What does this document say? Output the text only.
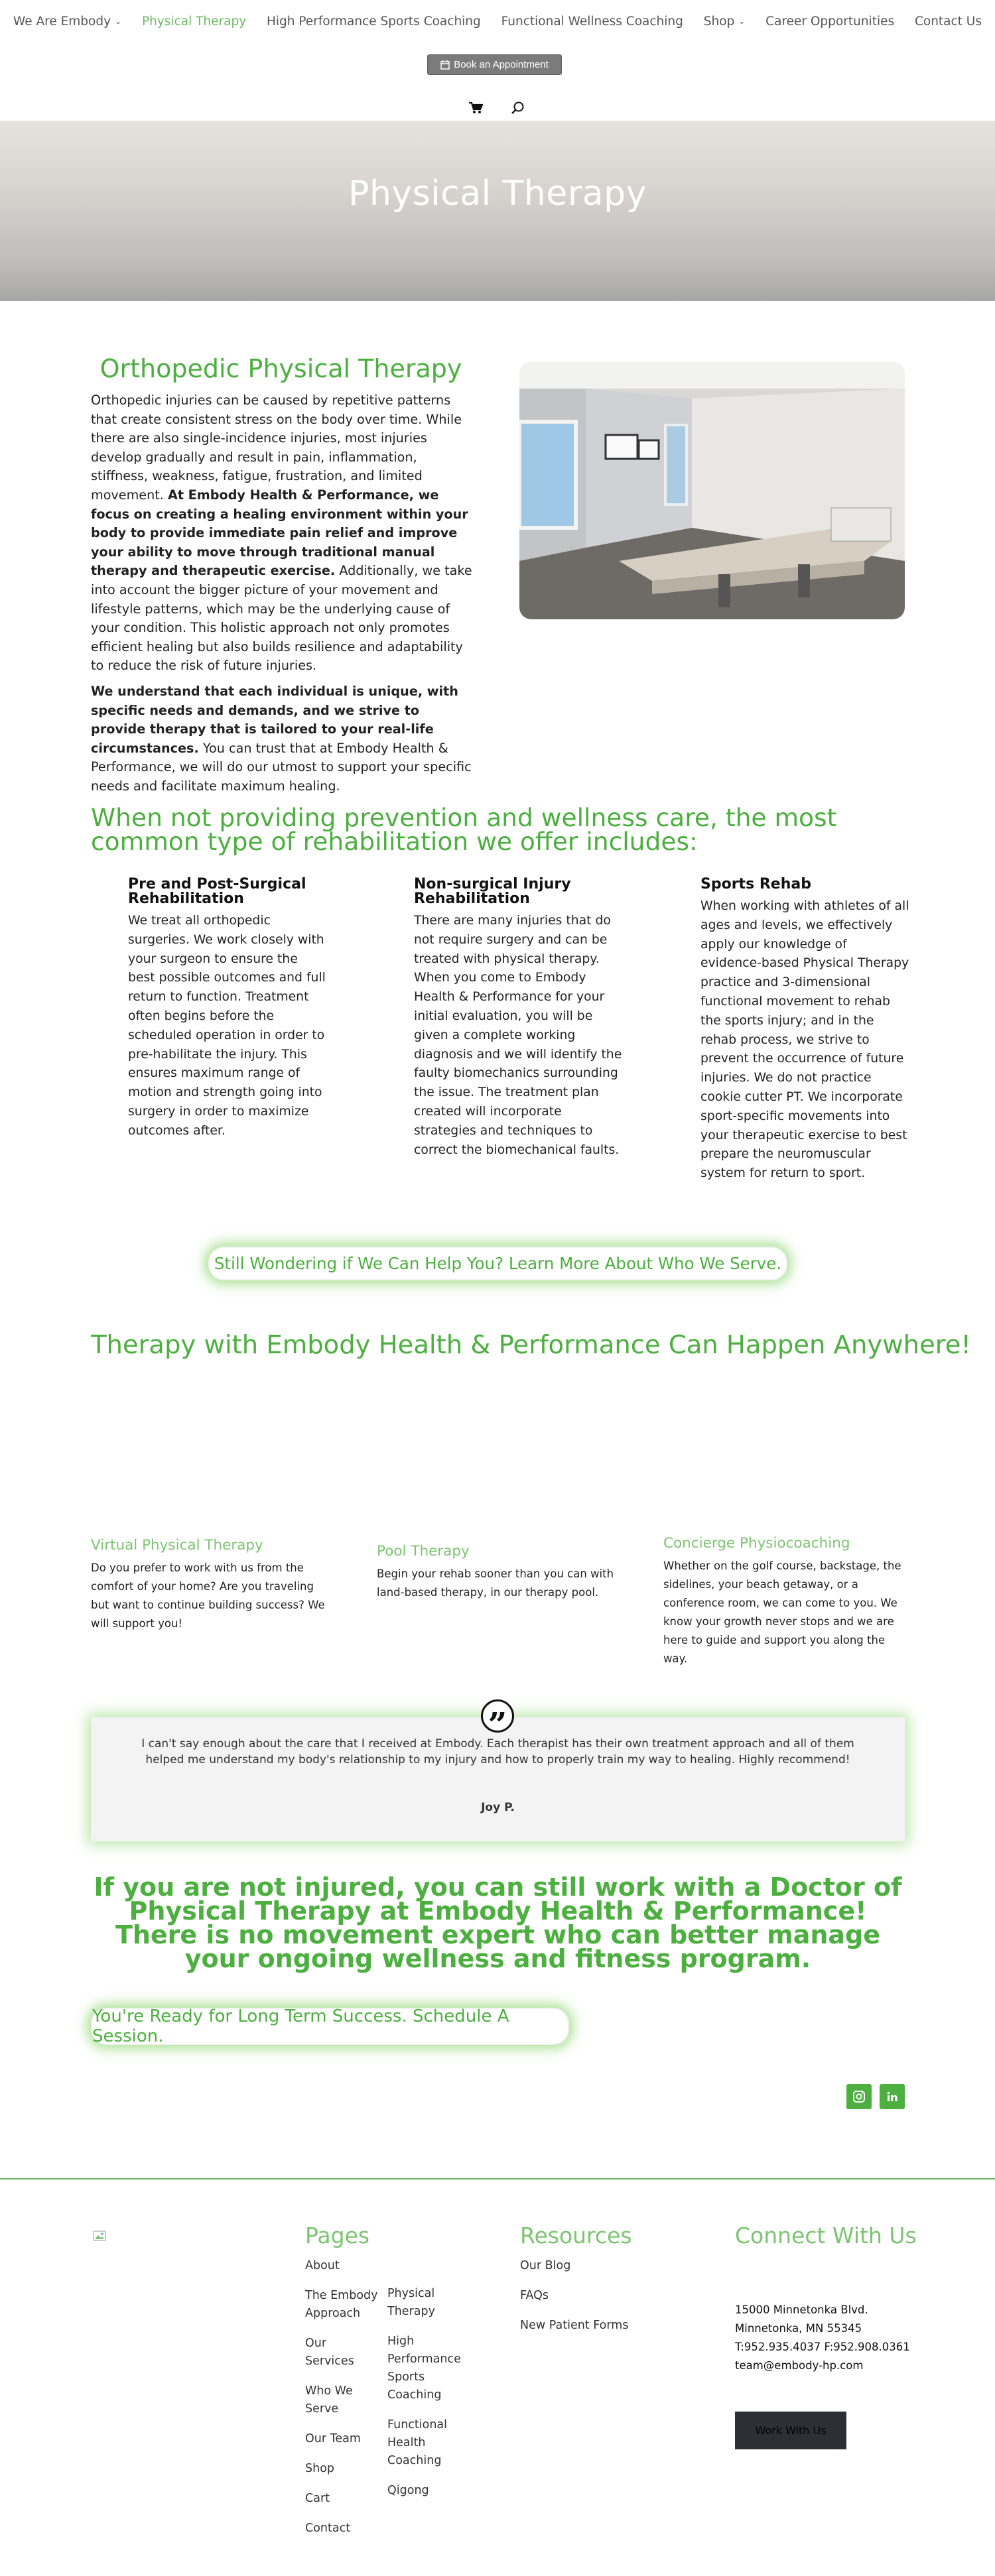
We Are Embody ⌄ Physical Therapy High Performance Sports Coaching Functional Wellness Coaching Shop ⌄ Career Opportunities Contact Us
Book an Appointment
Physical Therapy
Orthopedic Physical Therapy

Orthopedic injuries can be caused by repetitive patterns that create consistent stress on the body over time. While there are also single-incidence injuries, most injuries develop gradually and result in pain, inflammation, stiffness, weakness, fatigue, frustration, and limited movement. At Embody Health & Performance, we focus on creating a healing environment within your body to provide immediate pain relief and improve your ability to move through traditional manual therapy and therapeutic exercise. Additionally, we take into account the bigger picture of your movement and lifestyle patterns, which may be the underlying cause of your condition. This holistic approach not only promotes efficient healing but also builds resilience and adaptability to reduce the risk of future injuries.

We understand that each individual is unique, with specific needs and demands, and we strive to provide therapy that is tailored to your real-life circumstances. You can trust that at Embody Health & Performance, we will do our utmost to support your specific needs and facilitate maximum healing.

When not providing prevention and wellness care, the most common type of rehabilitation we offer includes:
Pre and Post-Surgical Rehabilitation

We treat all orthopedic surgeries. We work closely with your surgeon to ensure the best possible outcomes and full return to function. Treatment often begins before the scheduled operation in order to pre-habilitate the injury. This ensures maximum range of motion and strength going into surgery in order to maximize outcomes after.

Non-surgical Injury Rehabilitation

There are many injuries that do not require surgery and can be treated with physical therapy. When you come to Embody Health & Performance for your initial evaluation, you will be given a complete working diagnosis and we will identify the faulty biomechanics surrounding the issue. The treatment plan created will incorporate strategies and techniques to correct the biomechanical faults.

Sports Rehab

When working with athletes of all ages and levels, we effectively apply our knowledge of evidence-based Physical Therapy practice and 3-dimensional functional movement to rehab the sports injury; and in the rehab process, we strive to prevent the occurrence of future injuries. We do not practice cookie cutter PT. We incorporate sport-specific movements into your therapeutic exercise to best prepare the neuromuscular system for return to sport.

Still Wondering if We Can Help You? Learn More About Who We Serve.
Therapy with Embody Health & Performance Can Happen Anywhere!
Virtual Physical Therapy

Do you prefer to work with us from the comfort of your home? Are you traveling but want to continue building success? We will support you!

Pool Therapy

Begin your rehab sooner than you can with land-based therapy, in our therapy pool.

Concierge Physiocoaching

Whether on the golf course, backstage, the sidelines, your beach getaway, or a conference room, we can come to you. We know your growth never stops and we are here to guide and support you along the way.

”

I can't say enough about the care that I received at Embody. Each therapist has their own treatment approach and all of them helped me understand my body's relationship to my injury and how to properly train my way to healing. Highly recommend!

Joy P.

If you are not injured, you can still work with a Doctor of Physical Therapy at Embody Health & Performance! There is no movement expert who can better manage your ongoing wellness and fitness program.
You're Ready for Long Term Success. Schedule A Session.
Pages
About
The Embody Approach
Our Services
Who We Serve
Our Team
Shop
Cart
Contact
Physical Therapy
High Performance Sports Coaching
Functional Health Coaching
Qigong
Resources
Our Blog
FAQs
New Patient Forms
Connect With Us
15000 Minnetonka Blvd.
Minnetonka, MN 55345
T:952.935.4037 F:952.908.0361
team@embody-hp.com
Work With Us
